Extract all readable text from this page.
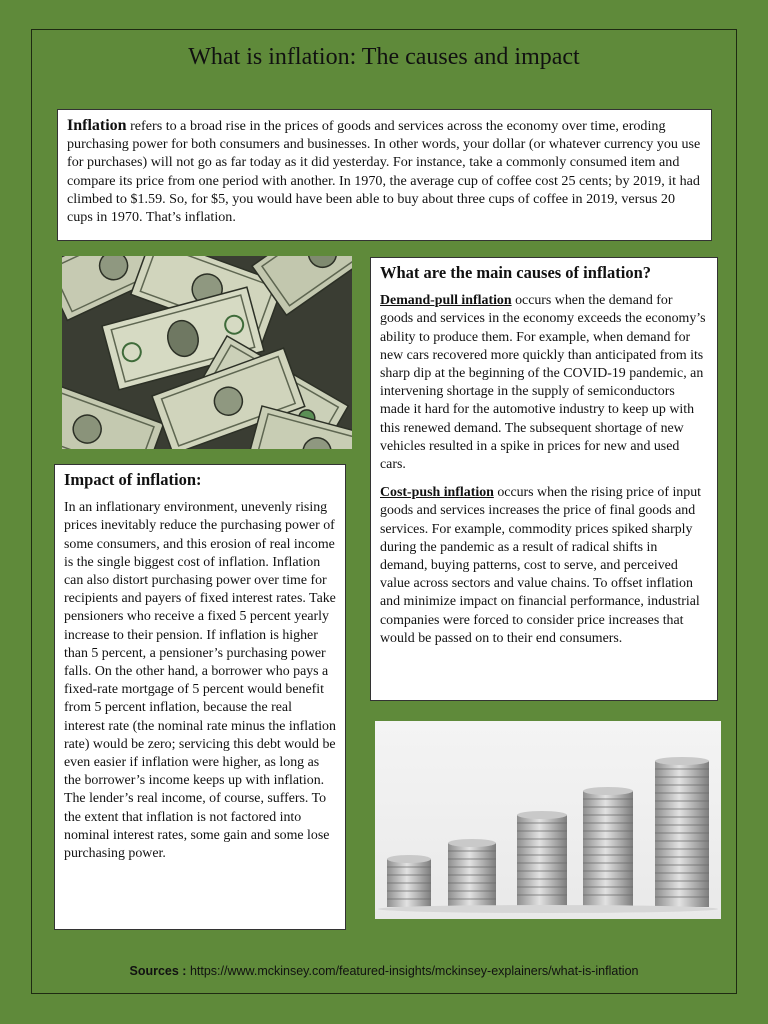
What is inflation: The causes and impact
Inflation refers to a broad rise in the prices of goods and services across the economy over time, eroding purchasing power for both consumers and businesses. In other words, your dollar (or whatever currency you use for purchases) will not go as far today as it did yesterday. For instance, take a commonly consumed item and compare its price from one period with another. In 1970, the average cup of coffee cost 25 cents; by 2019, it had climbed to $1.59. So, for $5, you would have been able to buy about three cups of coffee in 2019, versus 20 cups in 1970. That’s inflation.
What are the main causes of inflation?

Demand-pull inflation occurs when the demand for goods and services in the economy exceeds the economy’s ability to produce them. For example, when demand for new cars recovered more quickly than anticipated from its sharp dip at the beginning of the COVID-19 pandemic, an intervening shortage in the supply of semiconductors made it hard for the automotive industry to keep up with this renewed demand. The subsequent shortage of new vehicles resulted in a spike in prices for new and used cars.

Cost-push inflation occurs when the rising price of input goods and services increases the price of final goods and services. For example, commodity prices spiked sharply during the pandemic as a result of radical shifts in demand, buying patterns, cost to serve, and perceived value across sectors and value chains. To offset inflation and minimize impact on financial performance, industrial companies were forced to consider price increases that would be passed on to their end consumers.

Impact of inflation:

In an inflationary environment, unevenly rising prices inevitably reduce the purchasing power of some consumers, and this erosion of real income is the single biggest cost of inflation. Inflation can also distort purchasing power over time for recipients and payers of fixed interest rates. Take pensioners who receive a fixed 5 percent yearly increase to their pension. If inflation is higher than 5 percent, a pensioner’s purchasing power falls. On the other hand, a borrower who pays a fixed-rate mortgage of 5 percent would benefit from 5 percent inflation, because the real interest rate (the nominal rate minus the inflation rate) would be zero; servicing this debt would be even easier if inflation were higher, as long as the borrower’s income keeps up with inflation. The lender’s real income, of course, suffers. To the extent that inflation is not factored into nominal interest rates, some gain and some lose purchasing power.

Sources : https://www.mckinsey.com/featured-insights/mckinsey-explainers/what-is-inflation
